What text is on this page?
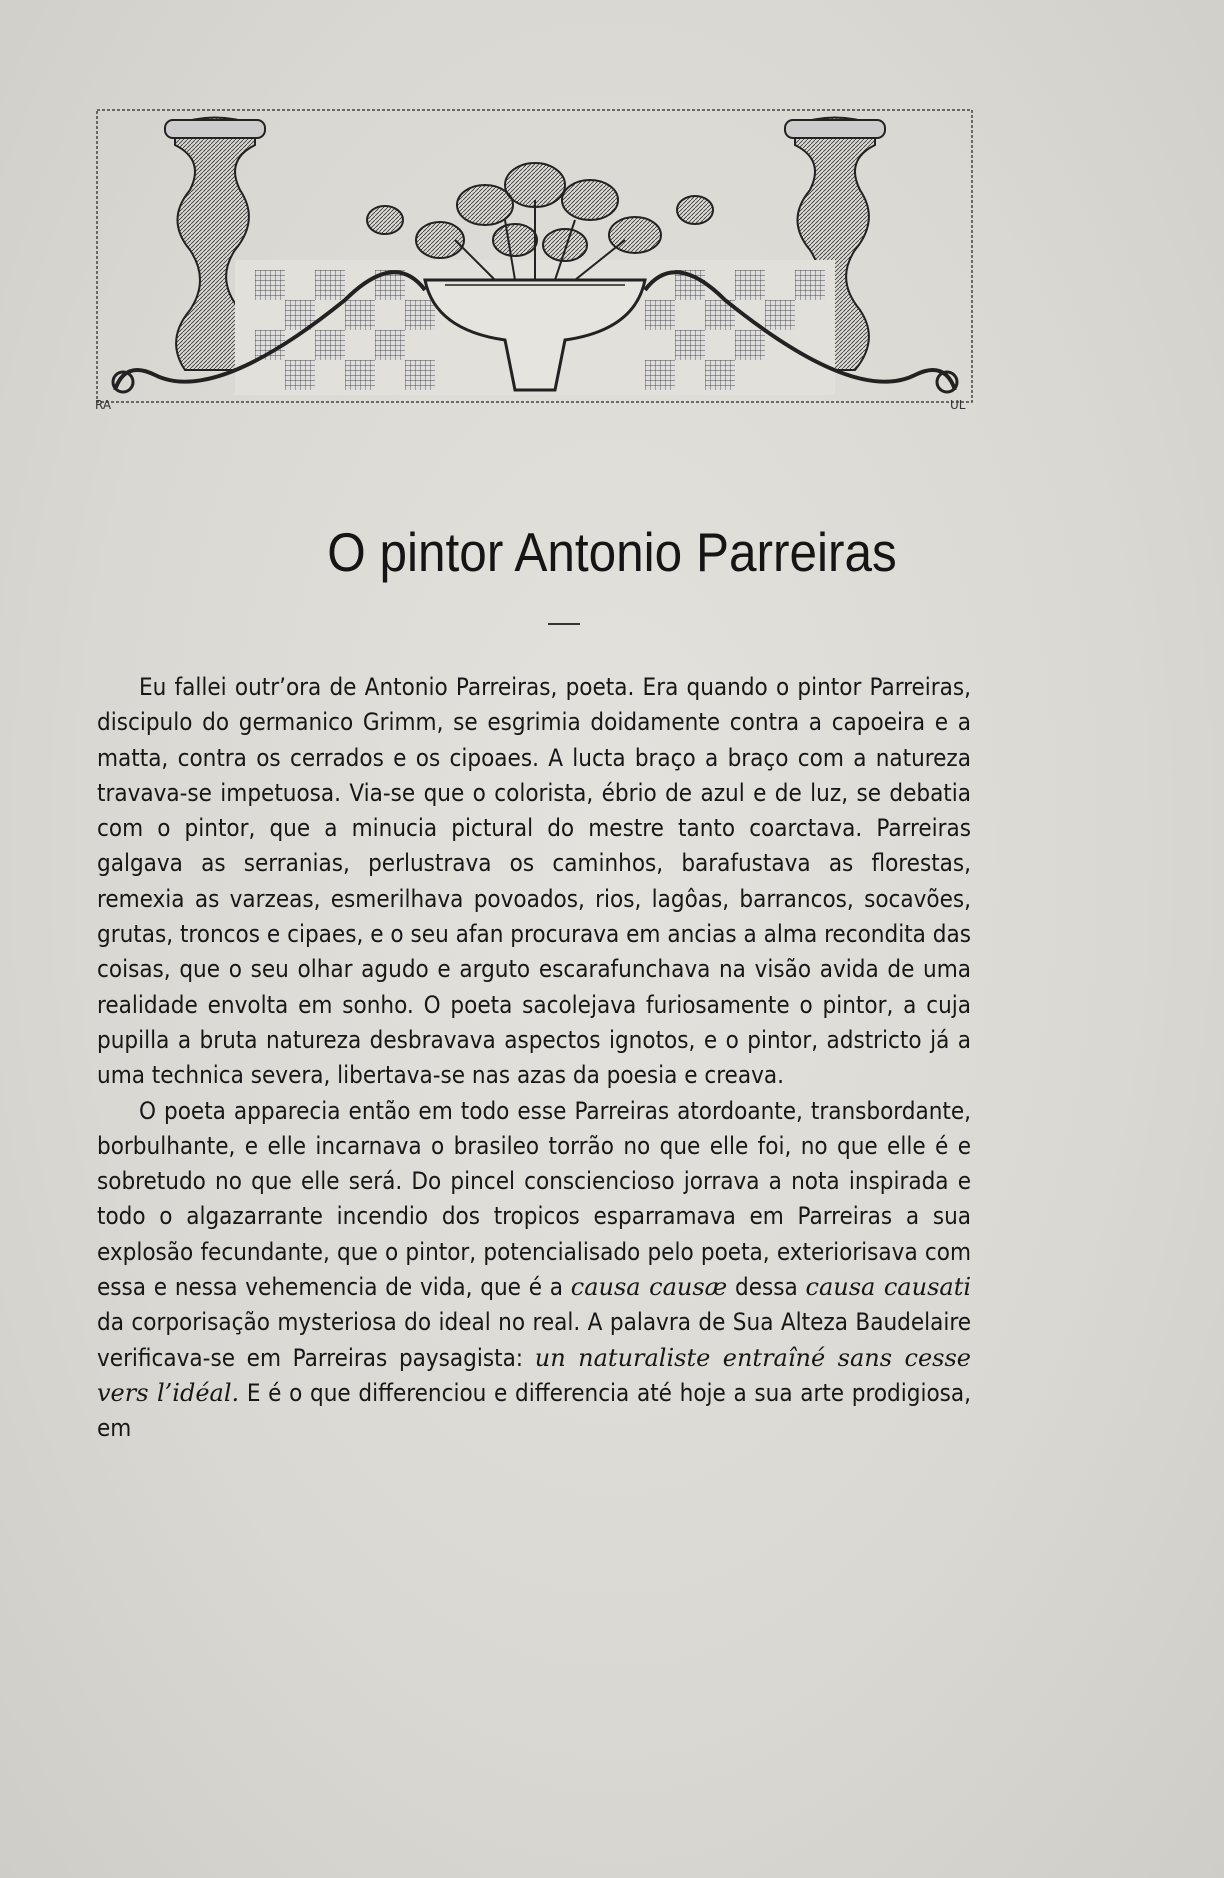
RA	UL
O pintor Antonio Parreiras

Eu fallei outr’ora de Antonio Parreiras, poeta. Era quando o pintor Parreiras, discipulo do germanico Grimm, se esgrimia doidamente contra a capoeira e a matta, contra os cerrados e os cipoaes. A lucta braço a braço com a natureza travava-se impetuosa. Via-se que o colorista, ébrio de azul e de luz, se debatia com o pintor, que a minucia pictural do mestre tanto coarctava. Parreiras galgava as serranias, perlustrava os caminhos, barafustava as florestas, remexia as varzeas, esmerilhava povoados, rios, lagôas, barrancos, socavões, grutas, troncos e cipaes, e o seu afan procurava em ancias a alma recondita das coisas, que o seu olhar agudo e arguto escarafunchava na visão avida de uma realidade envolta em sonho. O poeta sacolejava furiosamente o pintor, a cuja pupilla a bruta natureza desbravava aspectos ignotos, e o pintor, adstricto já a uma technica severa, libertava-se nas azas da poesia e creava.

O poeta apparecia então em todo esse Parreiras atordoante, transbordante, borbulhante, e elle incarnava o brasileo torrão no que elle foi, no que elle é e sobretudo no que elle será. Do pincel consciencioso jorrava a nota inspirada e todo o algazarrante incendio dos tropicos esparramava em Parreiras a sua explosão fecundante, que o pintor, potencialisado pelo poeta, exteriorisava com essa e nessa vehemencia de vida, que é a causa causæ dessa causa causati da corporisação mysteriosa do ideal no real. A palavra de Sua Alteza Baudelaire verificava-se em Parreiras paysagista: un naturaliste entraîné sans cesse vers l’idéal. E é o que differenciou e differencia até hoje a sua arte prodigiosa, em
